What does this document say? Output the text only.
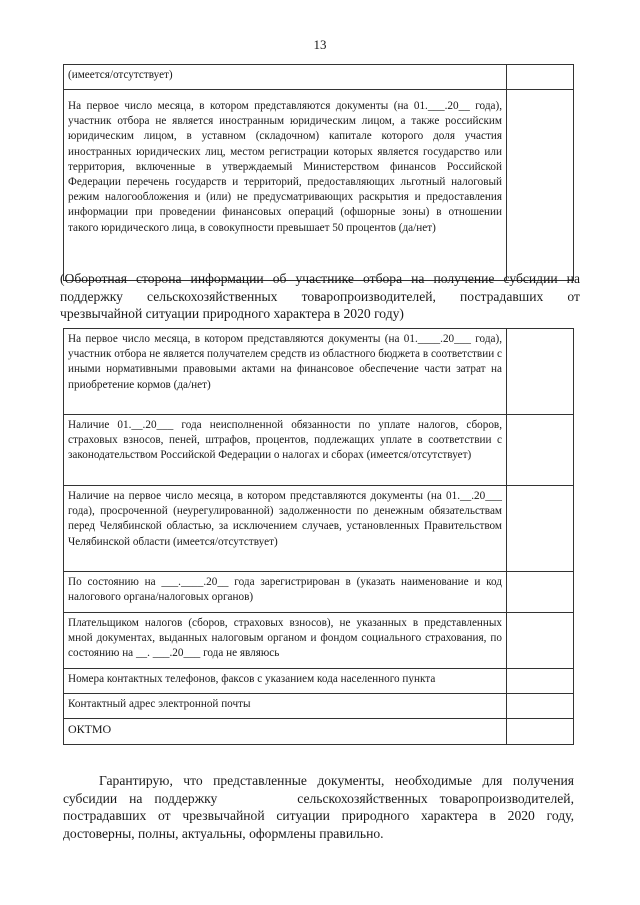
13
(имеется/отсутствует)	
На первое число месяца, в котором представляются документы (на 01.___.20__ года), участник отбора не является иностранным юридическим лицом, а также российским юридическим лицом, в уставном (складочном) капитале которого доля участия иностранных юридических лиц, местом регистрации которых является государство или территория, включенные в утверждаемый Министерством финансов Российской Федерации перечень государств и территорий, предоставляющих льготный налоговый режим налогообложения и (или) не предусматривающих раскрытия и предоставления информации при проведении финансовых операций (офшорные зоны) в отношении такого юридического лица, в совокупности превышает 50 процентов (да/нет)	
(Оборотная сторона информации об участнике отбора на получение субсидии на поддержку сельскохозяйственных товаропроизводителей, пострадавших от чрезвычайной ситуации природного характера в 2020 году)
На первое число месяца, в котором представляются документы (на 01.____.20___ года), участник отбора не является получателем средств из областного бюджета в соответствии с иными нормативными правовыми актами на финансовое обеспечение части затрат на приобретение кормов (да/нет)	
Наличие 01.__.20___ года неисполненной обязанности по уплате налогов, сборов, страховых взносов, пеней, штрафов, процентов, подлежащих уплате в соответствии с законодательством Российской Федерации о налогах и сборах (имеется/отсутствует)	
Наличие на первое число месяца, в котором представляются документы (на 01.__.20___ года), просроченной (неурегулированной) задолженности по денежным обязательствам перед Челябинской областью, за исключением случаев, установленных Правительством Челябинской области (имеется/отсутствует)	
По состоянию на ___.____.20__ года зарегистрирован в (указать наименование и код налогового органа/налоговых органов)	
Плательщиком налогов (сборов, страховых взносов), не указанных в представленных мной документах, выданных налоговым органом и фондом социального страхования, по состоянию на __. ___.20___ года не являюсь	
Номера контактных телефонов, факсов с указанием кода населенного пункта	
Контактный адрес электронной почты	
ОКТМО	
Гарантирую, что представленные документы, необходимые для получения субсидии на поддержку	сельскохозяйственных товаропроизводителей, пострадавших от чрезвычайной ситуации природного характера в 2020 году, достоверны, полны, актуальны, оформлены правильно.
